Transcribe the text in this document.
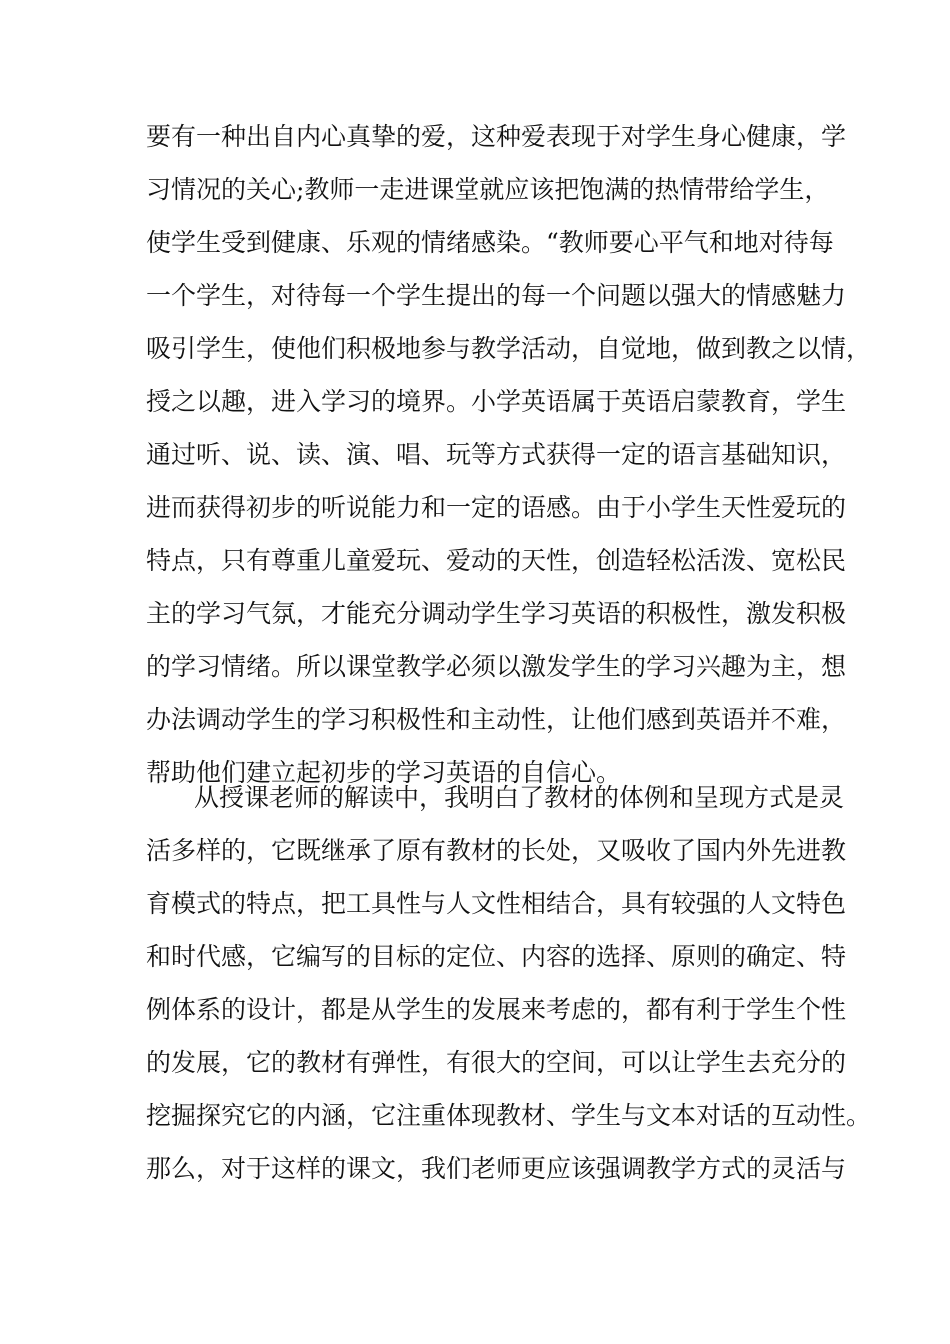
要有一种出自内心真挚的爱，这种爱表现于对学生身心健康，学
习情况的关心;教师一走进课堂就应该把饱满的热情带给学生，
使学生受到健康、乐观的情绪感染。“教师要心平气和地对待每
一个学生，对待每一个学生提出的每一个问题以强大的情感魅力
吸引学生，使他们积极地参与教学活动，自觉地，做到教之以情，
授之以趣，进入学习的境界。小学英语属于英语启蒙教育，学生
通过听、说、读、演、唱、玩等方式获得一定的语言基础知识，
进而获得初步的听说能力和一定的语感。由于小学生天性爱玩的
特点，只有尊重儿童爱玩、爱动的天性，创造轻松活泼、宽松民
主的学习气氛，才能充分调动学生学习英语的积极性，激发积极
的学习情绪。所以课堂教学必须以激发学生的学习兴趣为主，想
办法调动学生的学习积极性和主动性，让他们感到英语并不难，
帮助他们建立起初步的学习英语的自信心。
从授课老师的解读中，我明白了教材的体例和呈现方式是灵
活多样的，它既继承了原有教材的长处，又吸收了国内外先进教
育模式的特点，把工具性与人文性相结合，具有较强的人文特色
和时代感，它编写的目标的定位、内容的选择、原则的确定、特
例体系的设计，都是从学生的发展来考虑的，都有利于学生个性
的发展，它的教材有弹性，有很大的空间，可以让学生去充分的
挖掘探究它的内涵，它注重体现教材、学生与文本对话的互动性。
那么，对于这样的课文，我们老师更应该强调教学方式的灵活与
